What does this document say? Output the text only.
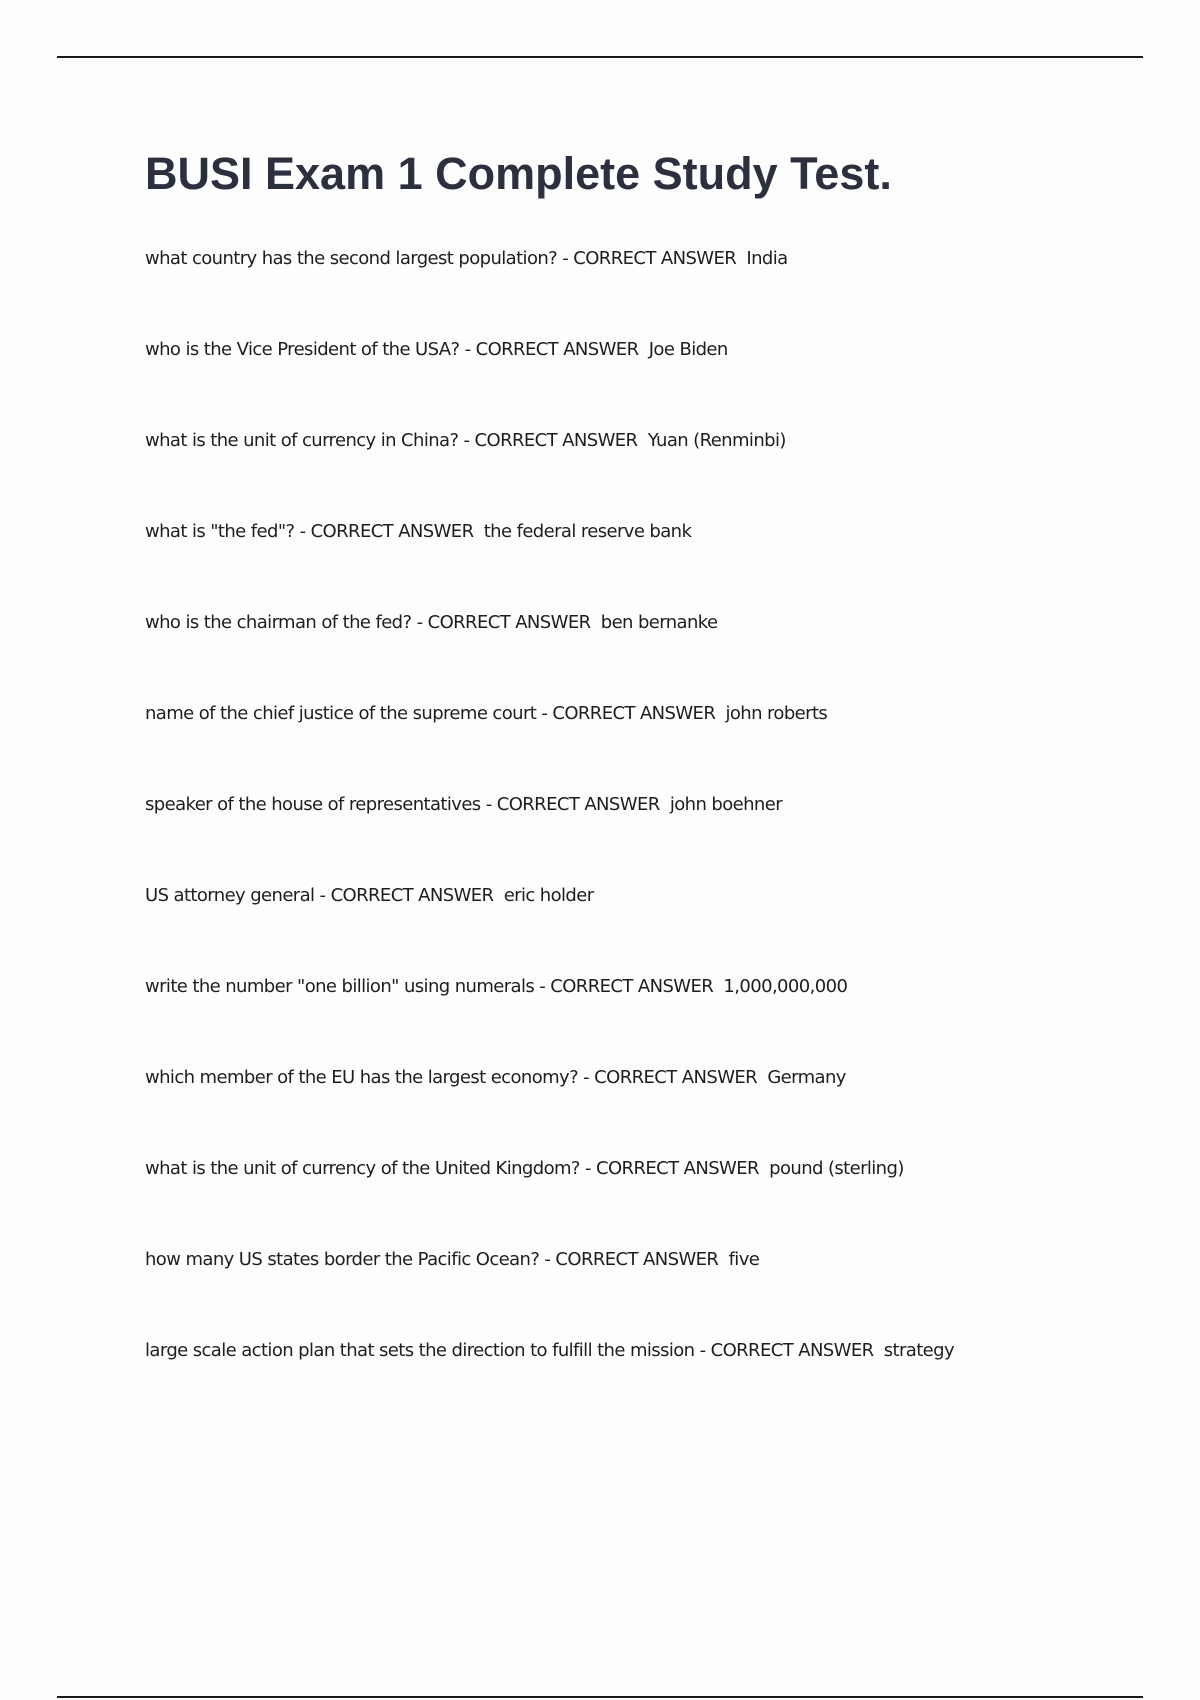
BUSI Exam 1 Complete Study Test.
what country has the second largest population? - CORRECT ANSWER  India
who is the Vice President of the USA? - CORRECT ANSWER  Joe Biden
what is the unit of currency in China? - CORRECT ANSWER  Yuan (Renminbi)
what is "the fed"? - CORRECT ANSWER  the federal reserve bank
who is the chairman of the fed? - CORRECT ANSWER  ben bernanke
name of the chief justice of the supreme court - CORRECT ANSWER  john roberts
speaker of the house of representatives - CORRECT ANSWER  john boehner
US attorney general - CORRECT ANSWER  eric holder
write the number "one billion" using numerals - CORRECT ANSWER  1,000,000,000
which member of the EU has the largest economy? - CORRECT ANSWER  Germany
what is the unit of currency of the United Kingdom? - CORRECT ANSWER  pound (sterling)
how many US states border the Pacific Ocean? - CORRECT ANSWER  five
large scale action plan that sets the direction to fulfill the mission - CORRECT ANSWER  strategy
